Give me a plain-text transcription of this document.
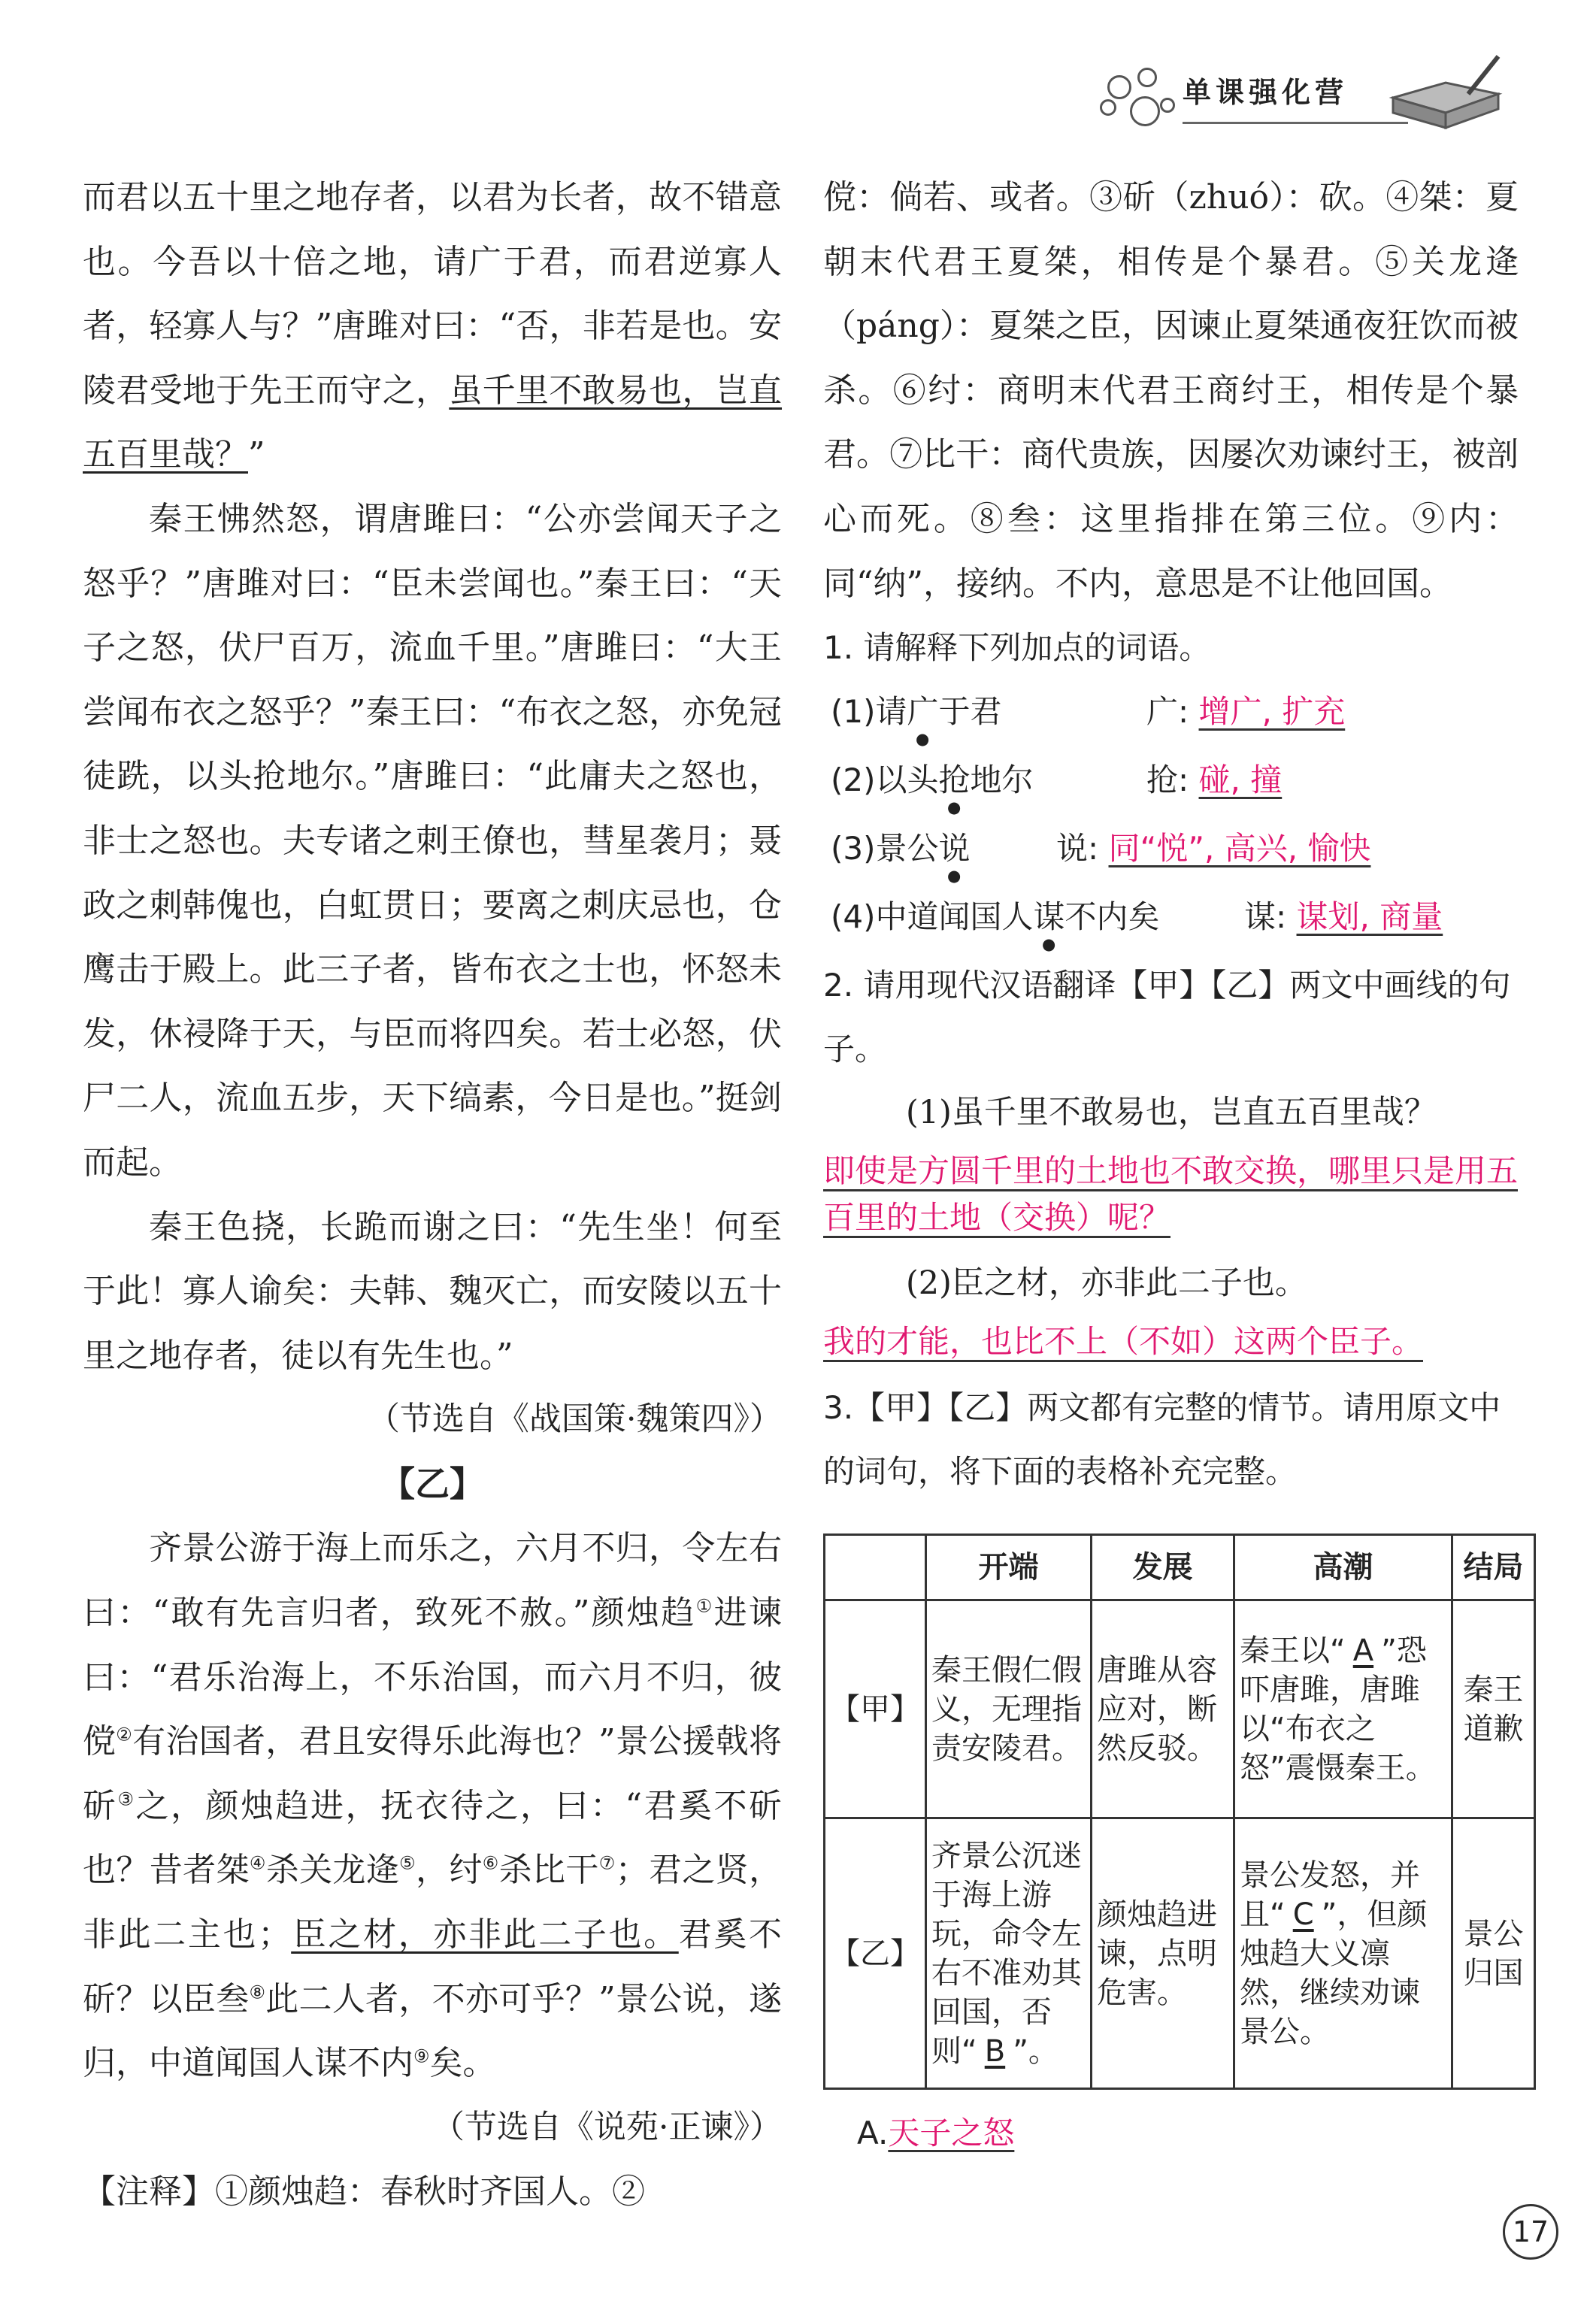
单课强化营

而君以五十里之地存者，以君为长者，故不错意也。今吾以十倍之地，请广于君，而君逆寡人者，轻寡人与？”唐雎对曰：“否，非若是也。安陵君受地于先王而守之，虽千里不敢易也，岂直五百里哉？”

秦王怫然怒，谓唐雎曰：“公亦尝闻天子之怒乎？”唐雎对曰：“臣未尝闻也。”秦王曰：“天子之怒，伏尸百万，流血千里。”唐雎曰：“大王尝闻布衣之怒乎？”秦王曰：“布衣之怒，亦免冠徒跣，以头抢地尔。”唐雎曰：“此庸夫之怒也，非士之怒也。夫专诸之刺王僚也，彗星袭月；聂政之刺韩傀也，白虹贯日；要离之刺庆忌也，仓鹰击于殿上。此三子者，皆布衣之士也，怀怒未发，休祲降于天，与臣而将四矣。若士必怒，伏尸二人，流血五步，天下缟素，今日是也。”挺剑而起。

秦王色挠，长跪而谢之曰：“先生坐！何至于此！寡人谕矣：夫韩、魏灭亡，而安陵以五十里之地存者，徒以有先生也。”

（节选自《战国策·魏策四》）

【乙】

齐景公游于海上而乐之，六月不归，令左右曰：“敢有先言归者，致死不赦。”颜烛趋①进谏曰：“君乐治海上，不乐治国，而六月不归，彼傥②有治国者，君且安得乐此海也？”景公援戟将斫③之，颜烛趋进，抚衣待之，曰：“君奚不斫也？昔者桀④杀关龙逄⑤，纣⑥杀比干⑦；君之贤，非此二主也；臣之材，亦非此二子也。君奚不斫？以臣叁⑧此二人者，不亦可乎？”景公说，遂归，中道闻国人谋不内⑨矣。

（节选自《说苑·正谏》）

【注释】①颜烛趋：春秋时齐国人。②

傥：倘若、或者。③斫（zhuó）：砍。④桀：夏朝末代君王夏桀，相传是个暴君。⑤关龙逄（páng）：夏桀之臣，因谏止夏桀通夜狂饮而被杀。⑥纣：商明末代君王商纣王，相传是个暴君。⑦比干：商代贵族，因屡次劝谏纣王，被剖心而死。⑧叁：这里指排在第三位。⑨内：同“纳”，接纳。不内，意思是不让他回国。

1. 请解释下列加点的词语。

(1)请广于君	广:
增广, 扩充
(2)以头抢地尔	抢:
碰, 撞
(3)景公说	说:
同“悦”, 高兴, 愉快
(4)中道闻国人谋不内矣	谋:
谋划, 商量

2. 请用现代汉语翻译【甲】【乙】两文中画线的句子。

(1)虽千里不敢易也，岂直五百里哉？

即使是方圆千里的土地也不敢交换，哪里只是用五百里的土地（交换）呢？

(2)臣之材，亦非此二子也。

我的才能，也比不上（不如）这两个臣子。

3.【甲】【乙】两文都有完整的情节。请用原文中的词句，将下面的表格补充完整。

	开端	发展	高潮	结局
【甲】	秦王假仁假义，无理指责安陵君。	唐雎从容应对，断然反驳。	秦王以“ A ”恐吓唐雎，唐雎以“布衣之怒”震慑秦王。	秦王道歉
【乙】	齐景公沉迷于海上游玩，命令左右不准劝其回国，否则“ B ”。	颜烛趋进谏，点明危害。	景公发怒，并且“ C ”，但颜烛趋大义凛然，继续劝谏景公。	景公归国
A.天子之怒
17
